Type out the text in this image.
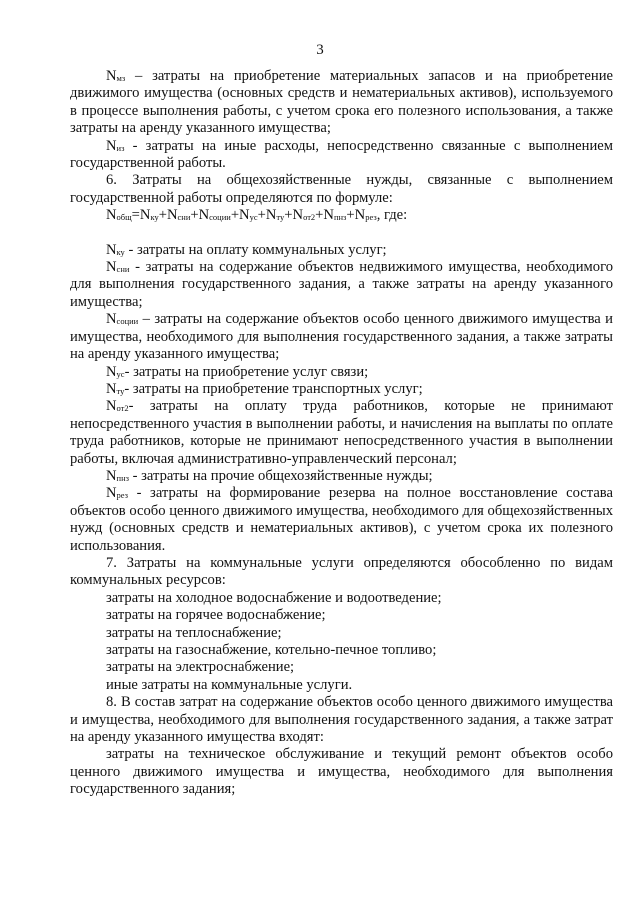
3

$N_{мз}$ – затраты на приобретение материальных запасов и на приобретение движимого имущества (основных средств и нематериальных активов), используемого в процессе выполнения работы, с учетом срока его полезного использования, а также затраты на аренду указанного имущества;

$N_{из}$ - затраты на иные расходы, непосредственно связанные с выполнением государственной работы.

6. Затраты на общехозяйственные нужды, связанные с выполнением государственной работы определяются по формуле:

$N_{общ}=N_{ку}+N_{сни}+N_{соции}+N_{ус}+N_{ту}+N_{от2}+N_{пнз}+N_{рез}$, где:

$N_{ку}$ - затраты на оплату коммунальных услуг;

$N_{сни}$ - затраты на содержание объектов недвижимого имущества, необходимого для выполнения государственного задания, а также затраты на аренду указанного имущества;

$N_{соции}$ – затраты на содержание объектов особо ценного движимого имущества и имущества, необходимого для выполнения государственного задания, а также затраты на аренду указанного имущества;

$N_{ус}-$ затраты на приобретение услуг связи;

$N_{ту}-$ затраты на приобретение транспортных услуг;

$N_{от2}-$ затраты на оплату труда работников, которые не принимают непосредственного участия в выполнении работы, и начисления на выплаты по оплате труда работников, которые не принимают непосредственного участия в выполнении работы, включая административно-управленческий персонал;

$N_{пнз}$ - затраты на прочие общехозяйственные нужды;

$N_{рез}$ - затраты на формирование резерва на полное восстановление состава объектов особо ценного движимого имущества, необходимого для общехозяйственных нужд (основных средств и нематериальных активов), с учетом срока их полезного использования.

7. Затраты на коммунальные услуги определяются обособленно по видам коммунальных ресурсов:

затраты на холодное водоснабжение и водоотведение;

затраты на горячее водоснабжение;

затраты на теплоснабжение;

затраты на газоснабжение, котельно-печное топливо;

затраты на электроснабжение;

иные затраты на коммунальные услуги.

8. В состав затрат на содержание объектов особо ценного движимого имущества и имущества, необходимого для выполнения государственного задания, а также затрат на аренду указанного имущества входят:

затраты на техническое обслуживание и текущий ремонт объектов особо ценного движимого имущества и имущества, необходимого для выполнения государственного задания;
